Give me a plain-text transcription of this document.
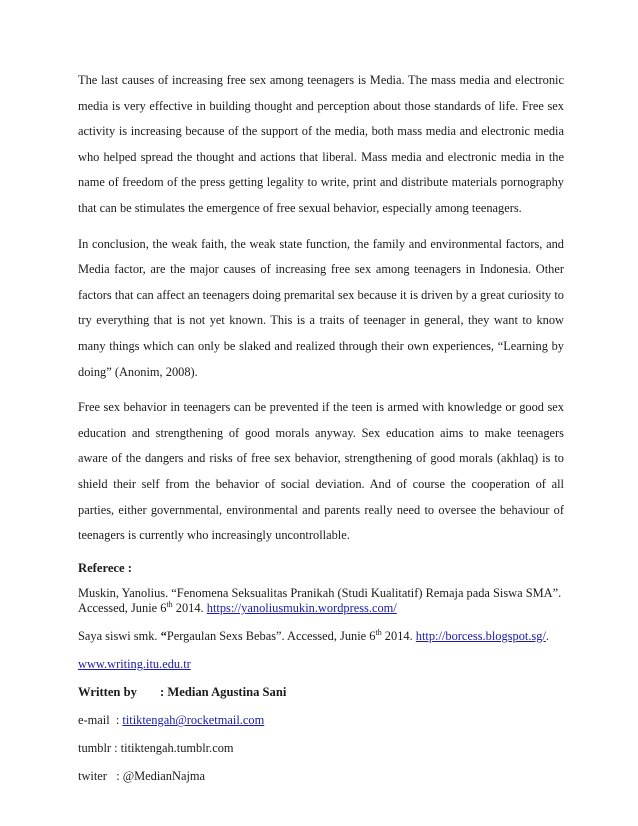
The last causes of increasing free sex among teenagers is Media. The mass media and electronic media is very effective in building thought and perception about those standards of life. Free sex activity is increasing because of the support of the media, both mass media and electronic media who helped spread the thought and actions that liberal. Mass media and electronic media in the name of freedom of the press getting legality to write, print and distribute materials pornography that can be stimulates the emergence of free sexual behavior, especially among teenagers.

In conclusion, the weak faith, the weak state function, the family and environmental factors, and Media factor, are the major causes of increasing free sex among teenagers in Indonesia. Other factors that can affect an teenagers doing premarital sex because it is driven by a great curiosity to try everything that is not yet known. This is a traits of teenager in general, they want to know many things which can only be slaked and realized through their own experiences, “Learning by doing” (Anonim, 2008).

Free sex behavior in teenagers can be prevented if the teen is armed with knowledge or good sex education and strengthening of good morals anyway. Sex education aims to make teenagers aware of the dangers and risks of free sex behavior, strengthening of good morals (akhlaq) is to shield their self from the behavior of social deviation. And of course the cooperation of all parties, either governmental, environmental and parents really need to oversee the behaviour of teenagers is currently who increasingly uncontrollable.

Referece :
Muskin, Yanolius. “Fenomena Seksualitas Pranikah (Studi Kualitatif) Remaja pada Siswa SMA”. Accessed, Junie 6th 2014. https://yanoliusmukin.wordpress.com/
Saya siswi smk. “Pergaulan Sexs Bebas”. Accessed, Junie 6th 2014. http://borcess.blogspot.sg/.
www.writing.itu.edu.tr
Written by : Median Agustina Sani
e-mail  : titiktengah@rocketmail.com
tumblr : titiktengah.tumblr.com
twiter   : @MedianNajma
